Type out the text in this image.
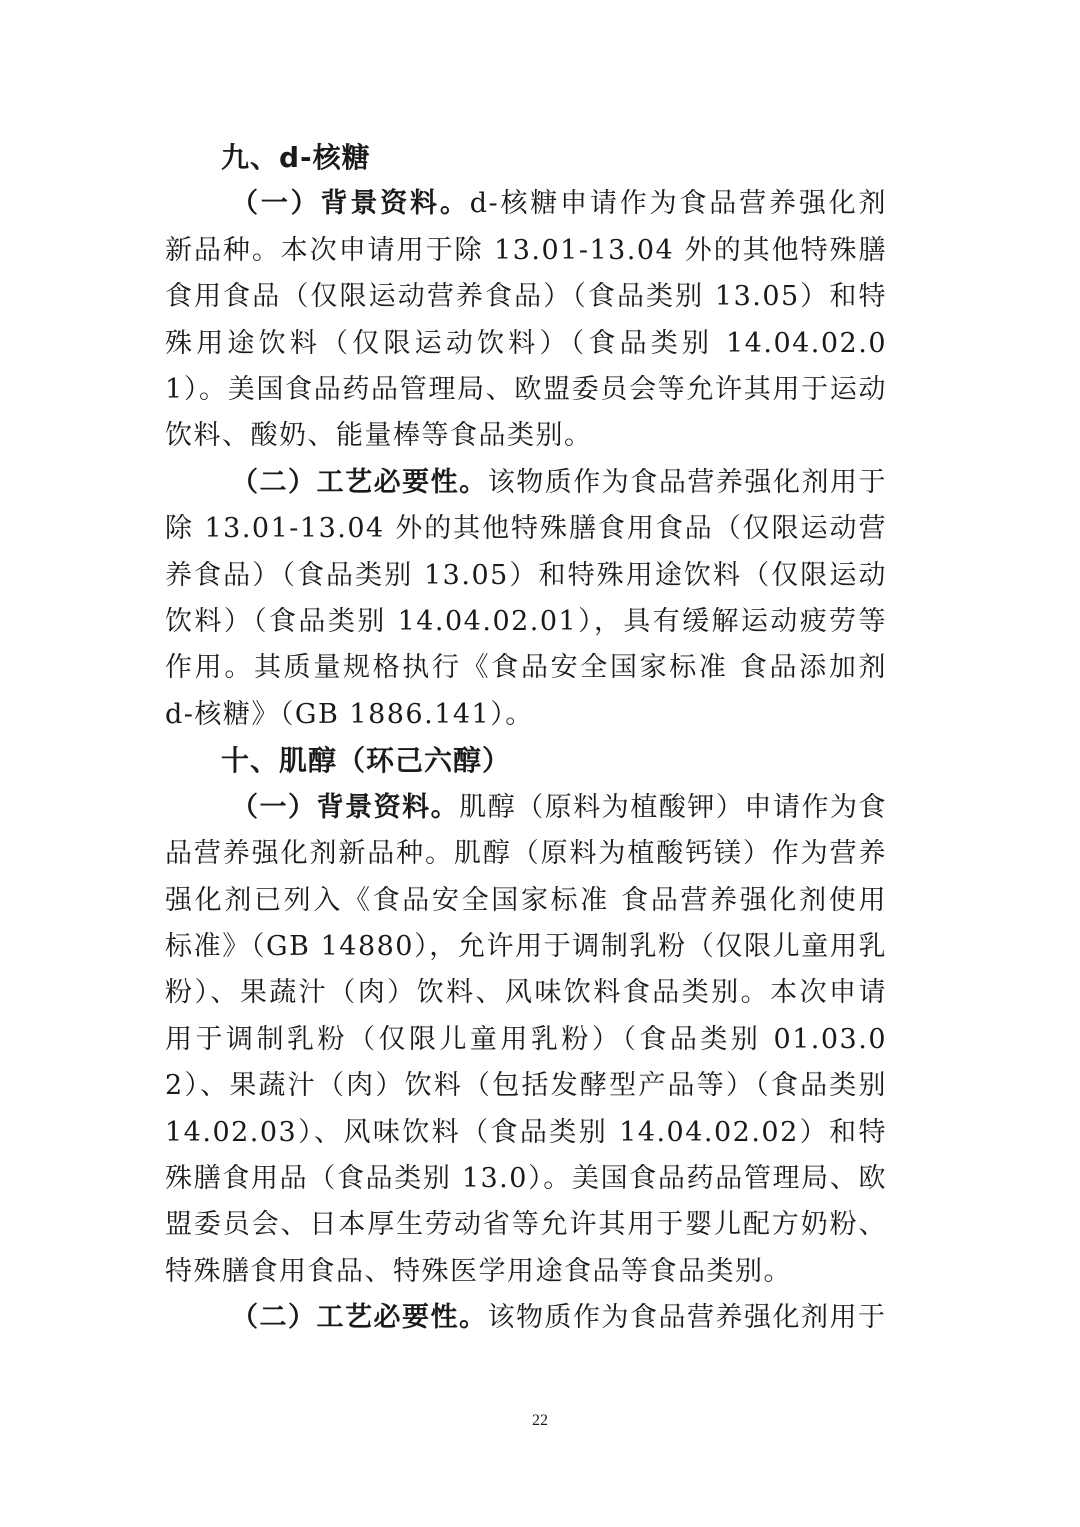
九、d-核糖

（一）背景资料。d-核糖申请作为食品营养强化剂新品种。本次申请用于除 13.01-13.04 外的其他特殊膳食用食品（仅限运动营养食品）（食品类别 13.05）和特殊用途饮料（仅限运动饮料）（食品类别 14.04.02.01）。美国食品药品管理局、欧盟委员会等允许其用于运动饮料、酸奶、能量棒等食品类别。

（二）工艺必要性。该物质作为食品营养强化剂用于除 13.01-13.04 外的其他特殊膳食用食品（仅限运动营养食品）（食品类别 13.05）和特殊用途饮料（仅限运动饮料）（食品类别 14.04.02.01），具有缓解运动疲劳等作用。其质量规格执行《食品安全国家标准 食品添加剂 d-核糖》（GB 1886.141）。

十、肌醇（环己六醇）

（一）背景资料。肌醇（原料为植酸钾）申请作为食品营养强化剂新品种。肌醇（原料为植酸钙镁）作为营养强化剂已列入《食品安全国家标准 食品营养强化剂使用标准》（GB 14880），允许用于调制乳粉（仅限儿童用乳粉）、果蔬汁（肉）饮料、风味饮料食品类别。本次申请用于调制乳粉（仅限儿童用乳粉）（食品类别 01.03.02）、果蔬汁（肉）饮料（包括发酵型产品等）（食品类别 14.02.03）、风味饮料（食品类别 14.04.02.02）和特殊膳食用品（食品类别 13.0）。美国食品药品管理局、欧盟委员会、日本厚生劳动省等允许其用于婴儿配方奶粉、特殊膳食用食品、特殊医学用途食品等食品类别。

（二）工艺必要性。该物质作为食品营养强化剂用于

22
